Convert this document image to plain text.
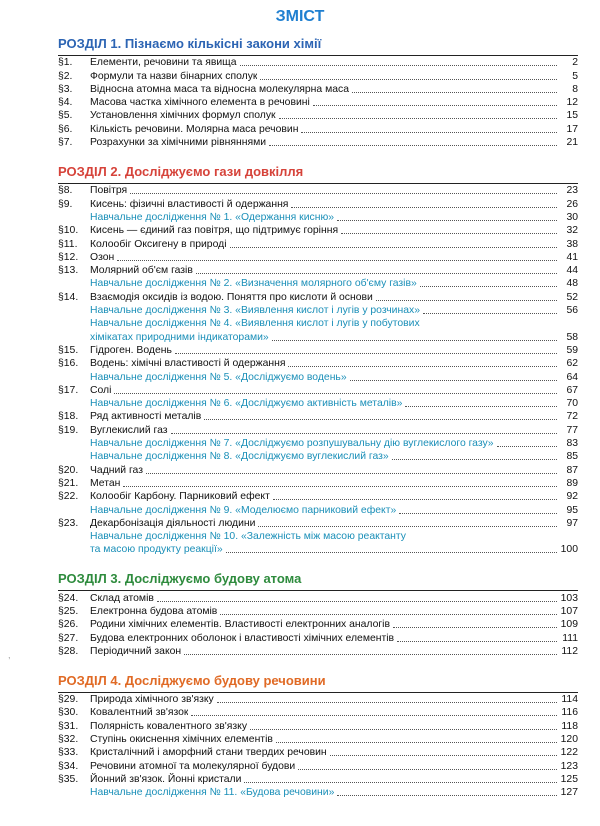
ЗМІСТ
РОЗДІЛ 1. Пізнаємо кількісні закони хімії
§1.	Елементи, речовини та явища	2
§2.	Формули та назви бінарних сполук	5
§3.	Відносна атомна маса та відносна молекулярна маса	8
§4.	Масова частка хімічного елемента в речовині	12
§5.	Установлення хімічних формул сполук	15
§6.	Кількість речовини. Молярна маса речовин	17
§7.	Розрахунки за хімічними рівняннями	21
РОЗДІЛ 2. Досліджуємо гази довкілля
§8.	Повітря	23
§9.	Кисень: фізичні властивості й одержання	26
Навчальне дослідження № 1. «Одержання кисню»	30
§10.	Кисень — єдиний газ повітря, що підтримує горіння	32
§11.	Колообіг Оксигену в природі	38
§12.	Озон	41
§13.	Молярний об'єм газів	44
Навчальне дослідження № 2. «Визначення молярного об'єму газів»	48
§14.	Взаємодія оксидів із водою. Поняття про кислоти й основи	52
Навчальне дослідження № 3. «Виявлення кислот і лугів у розчинах»	56
Навчальне дослідження № 4. «Виявлення кислот і лугів у побутових
хімікатах природними індикаторами»	58
§15.	Гідроген. Водень	59
§16.	Водень: хімічні властивості й одержання	62
Навчальне дослідження № 5. «Досліджуємо водень»	64
§17.	Солі	67
Навчальне дослідження № 6. «Досліджуємо активність металів»	70
§18.	Ряд активності металів	72
§19.	Вуглекислий газ	77
Навчальне дослідження № 7. «Досліджуємо розпушувальну дію вуглекислого газу»	83
Навчальне дослідження № 8. «Досліджуємо вуглекислий газ»	85
§20.	Чадний газ	87
§21.	Метан	89
§22.	Колообіг Карбону. Парниковий ефект	92
Навчальне дослідження № 9. «Моделюємо парниковий ефект»	95
§23.	Декарбонізація діяльності людини	97
Навчальне дослідження № 10. «Залежність між масою реактанту
та масою продукту реакції»	100
РОЗДІЛ 3. Досліджуємо будову атома
§24.	Склад атомів	103
§25.	Електронна будова атомів	107
§26.	Родини хімічних елементів. Властивості електронних аналогів	109
§27.	Будова електронних оболонок і властивості хімічних елементів	111
§28.	Періодичний закон	112
РОЗДІЛ 4. Досліджуємо будову речовини
§29.	Природа хімічного зв'язку	114
§30.	Ковалентний зв'язок	116
§31.	Полярність ковалентного зв'язку	118
§32.	Ступінь окиснення хімічних елементів	120
§33.	Кристалічний і аморфний стани твердих речовин	122
§34.	Речовини атомної та молекулярної будови	123
§35.	Йонний зв'язок. Йонні кристали	125
Навчальне дослідження № 11. «Будова речовини»	127
,
